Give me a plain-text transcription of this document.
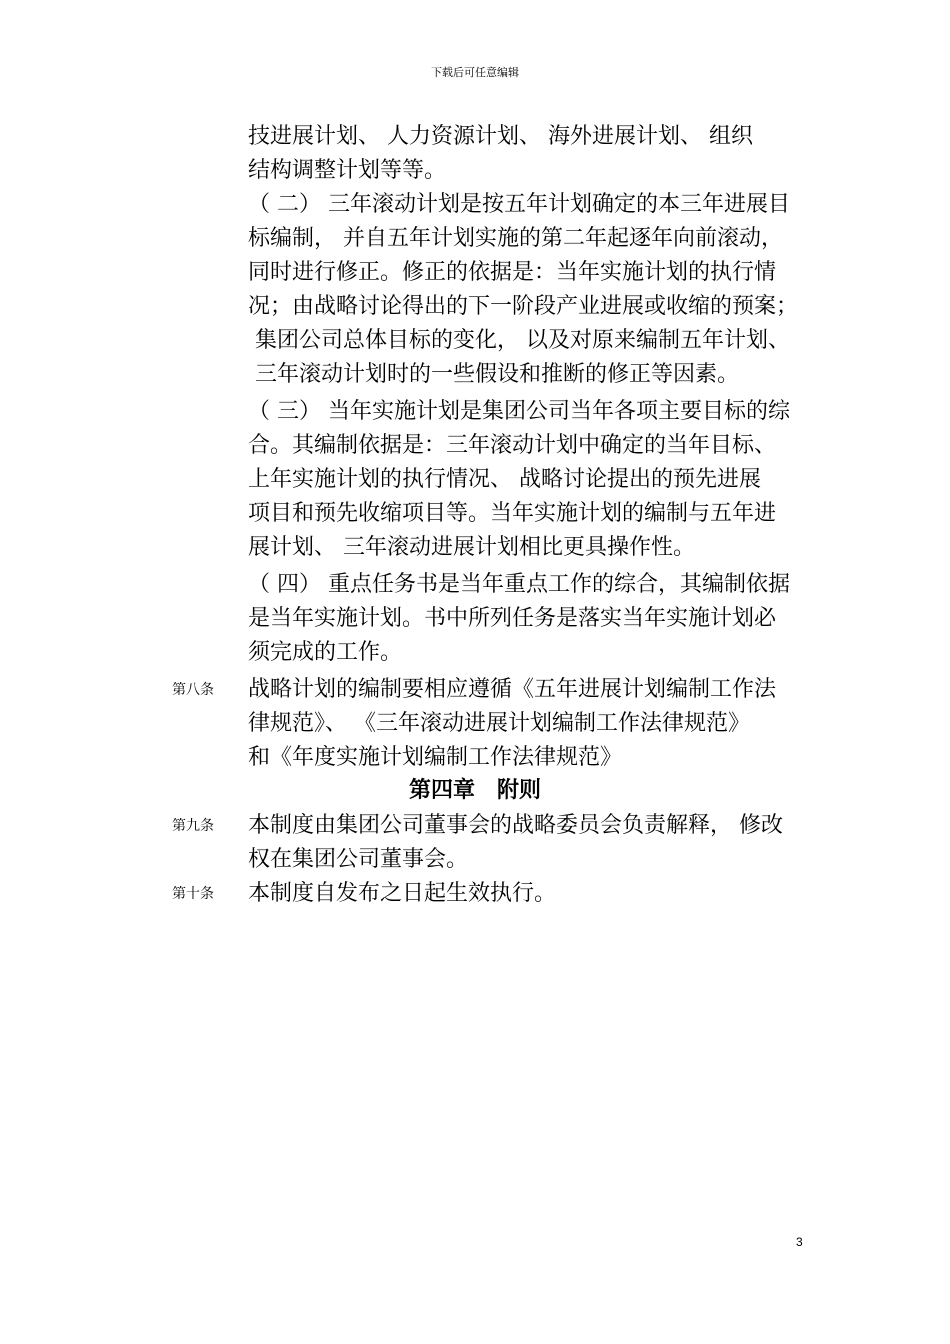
下载后可任意编辑
技进展计划、 人力资源计划、 海外进展计划、 组织
结构调整计划等等。
（ 二） 三年滚动计划是按五年计划确定的本三年进展目
标编制， 并自五年计划实施的第二年起逐年向前滚动，
同时进行修正。修正的依据是：当年实施计划的执行情
况；由战略讨论得出的下一阶段产业进展或收缩的预案；
集团公司总体目标的变化， 以及对原来编制五年计划、
三年滚动计划时的一些假设和推断的修正等因素。
（ 三） 当年实施计划是集团公司当年各项主要目标的综
合。其编制依据是：三年滚动计划中确定的当年目标、
上年实施计划的执行情况、 战略讨论提出的预先进展
项目和预先收缩项目等。当年实施计划的编制与五年进
展计划、 三年滚动进展计划相比更具操作性。
（ 四） 重点任务书是当年重点工作的综合，其编制依据
是当年实施计划。书中所列任务是落实当年实施计划必
须完成的工作。
第八条 战略计划的编制要相应遵循《五年进展计划编制工作法
律规范》、 《三年滚动进展计划编制工作法律规范》
和《年度实施计划编制工作法律规范》
第四章　附则
第九条 本制度由集团公司董事会的战略委员会负责解释， 修改
权在集团公司董事会。
第十条 本制度自发布之日起生效执行。
3
